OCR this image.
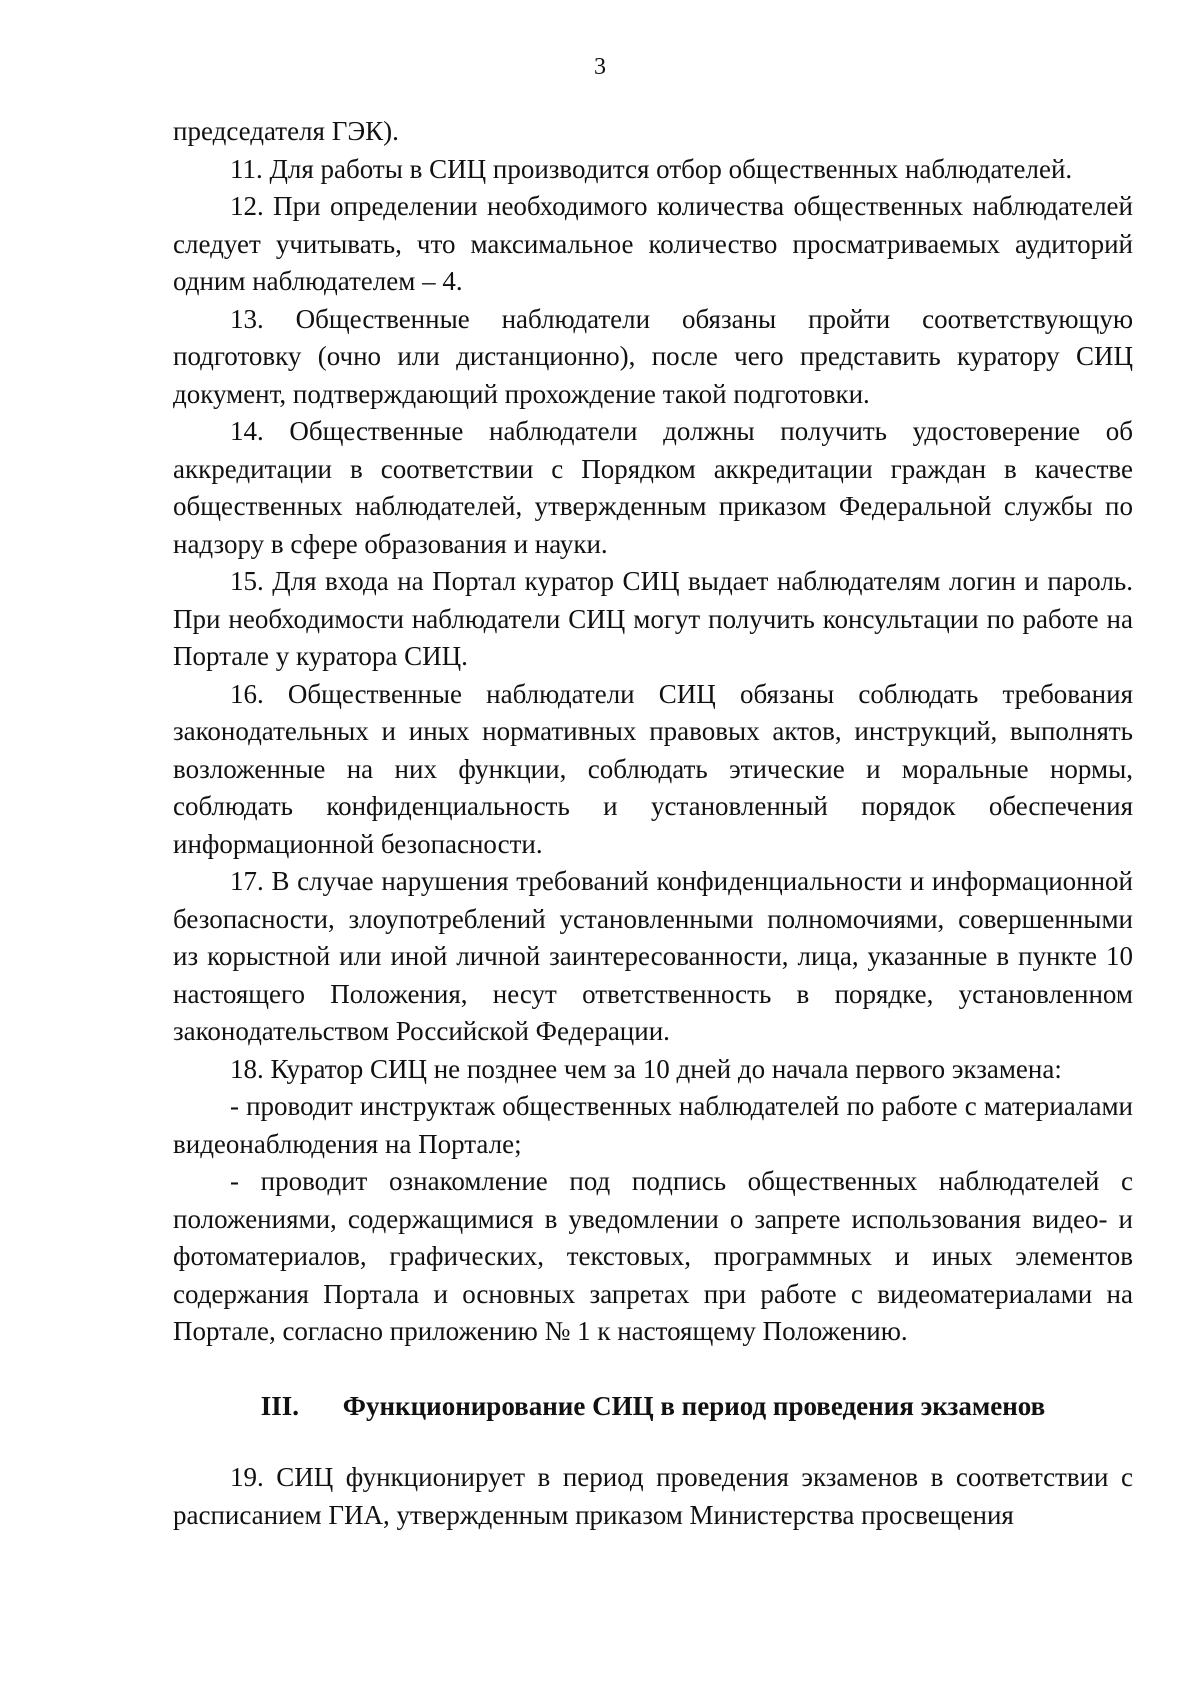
3

председателя ГЭК).

11. Для работы в СИЦ производится отбор общественных наблюдателей.

12. При определении необходимого количества общественных наблюдателей следует учитывать, что максимальное количество просматриваемых аудиторий одним наблюдателем – 4.

13. Общественные наблюдатели обязаны пройти соответствующую подготовку (очно или дистанционно), после чего представить куратору СИЦ документ, подтверждающий прохождение такой подготовки.

14. Общественные наблюдатели должны получить удостоверение об аккредитации в соответствии с Порядком аккредитации граждан в качестве общественных наблюдателей, утвержденным приказом Федеральной службы по надзору в сфере образования и науки.

15. Для входа на Портал куратор СИЦ выдает наблюдателям логин и пароль. При необходимости наблюдатели СИЦ могут получить консультации по работе на Портале у куратора СИЦ.

16. Общественные наблюдатели СИЦ обязаны соблюдать требования законодательных и иных нормативных правовых актов, инструкций, выполнять возложенные на них функции, соблюдать этические и моральные нормы, соблюдать конфиденциальность и установленный порядок обеспечения информационной безопасности.

17. В случае нарушения требований конфиденциальности и информационной безопасности, злоупотреблений установленными полномочиями, совершенными из корыстной или иной личной заинтересованности, лица, указанные в пункте 10 настоящего Положения, несут ответственность в порядке, установленном законодательством Российской Федерации.

18. Куратор СИЦ не позднее чем за 10 дней до начала первого экзамена:

- проводит инструктаж общественных наблюдателей по работе с материалами видеонаблюдения на Портале;

- проводит ознакомление под подпись общественных наблюдателей с положениями, содержащимися в уведомлении о запрете использования видео- и фотоматериалов, графических, текстовых, программных и иных элементов содержания Портала и основных запретах при работе с видеоматериалами на Портале, согласно приложению № 1 к настоящему Положению.

III. Функционирование СИЦ в период проведения экзаменов

19. СИЦ функционирует в период проведения экзаменов в соответствии с расписанием ГИА, утвержденным приказом Министерства просвещения
